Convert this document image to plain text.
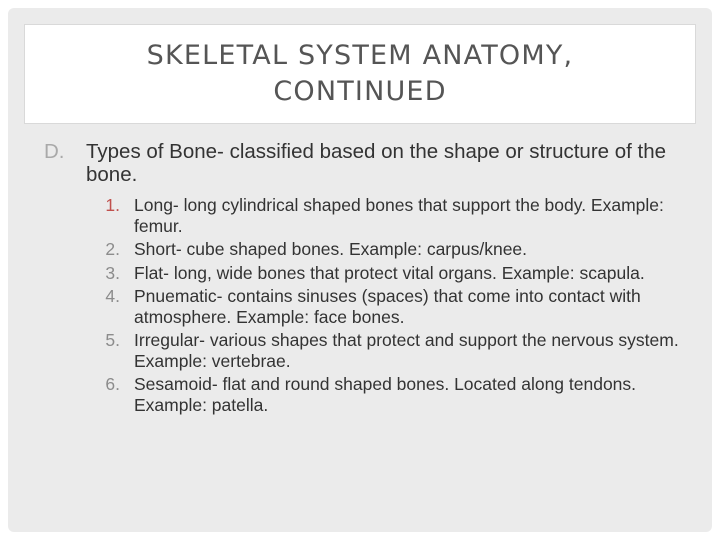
SKELETAL SYSTEM ANATOMY,
CONTINUED
D.	Types of Bone- classified based on the shape or structure of the bone.
1. Long- long cylindrical shaped bones that support the body. Example: femur.
2. Short- cube shaped bones. Example: carpus/knee.
3. Flat- long, wide bones that protect vital organs. Example: scapula.
4. Pnuematic- contains sinuses (spaces) that come into contact with atmosphere. Example: face bones.
5. Irregular- various shapes that protect and support the nervous system. Example: vertebrae.
6. Sesamoid- flat and round shaped bones. Located along tendons. Example: patella.
